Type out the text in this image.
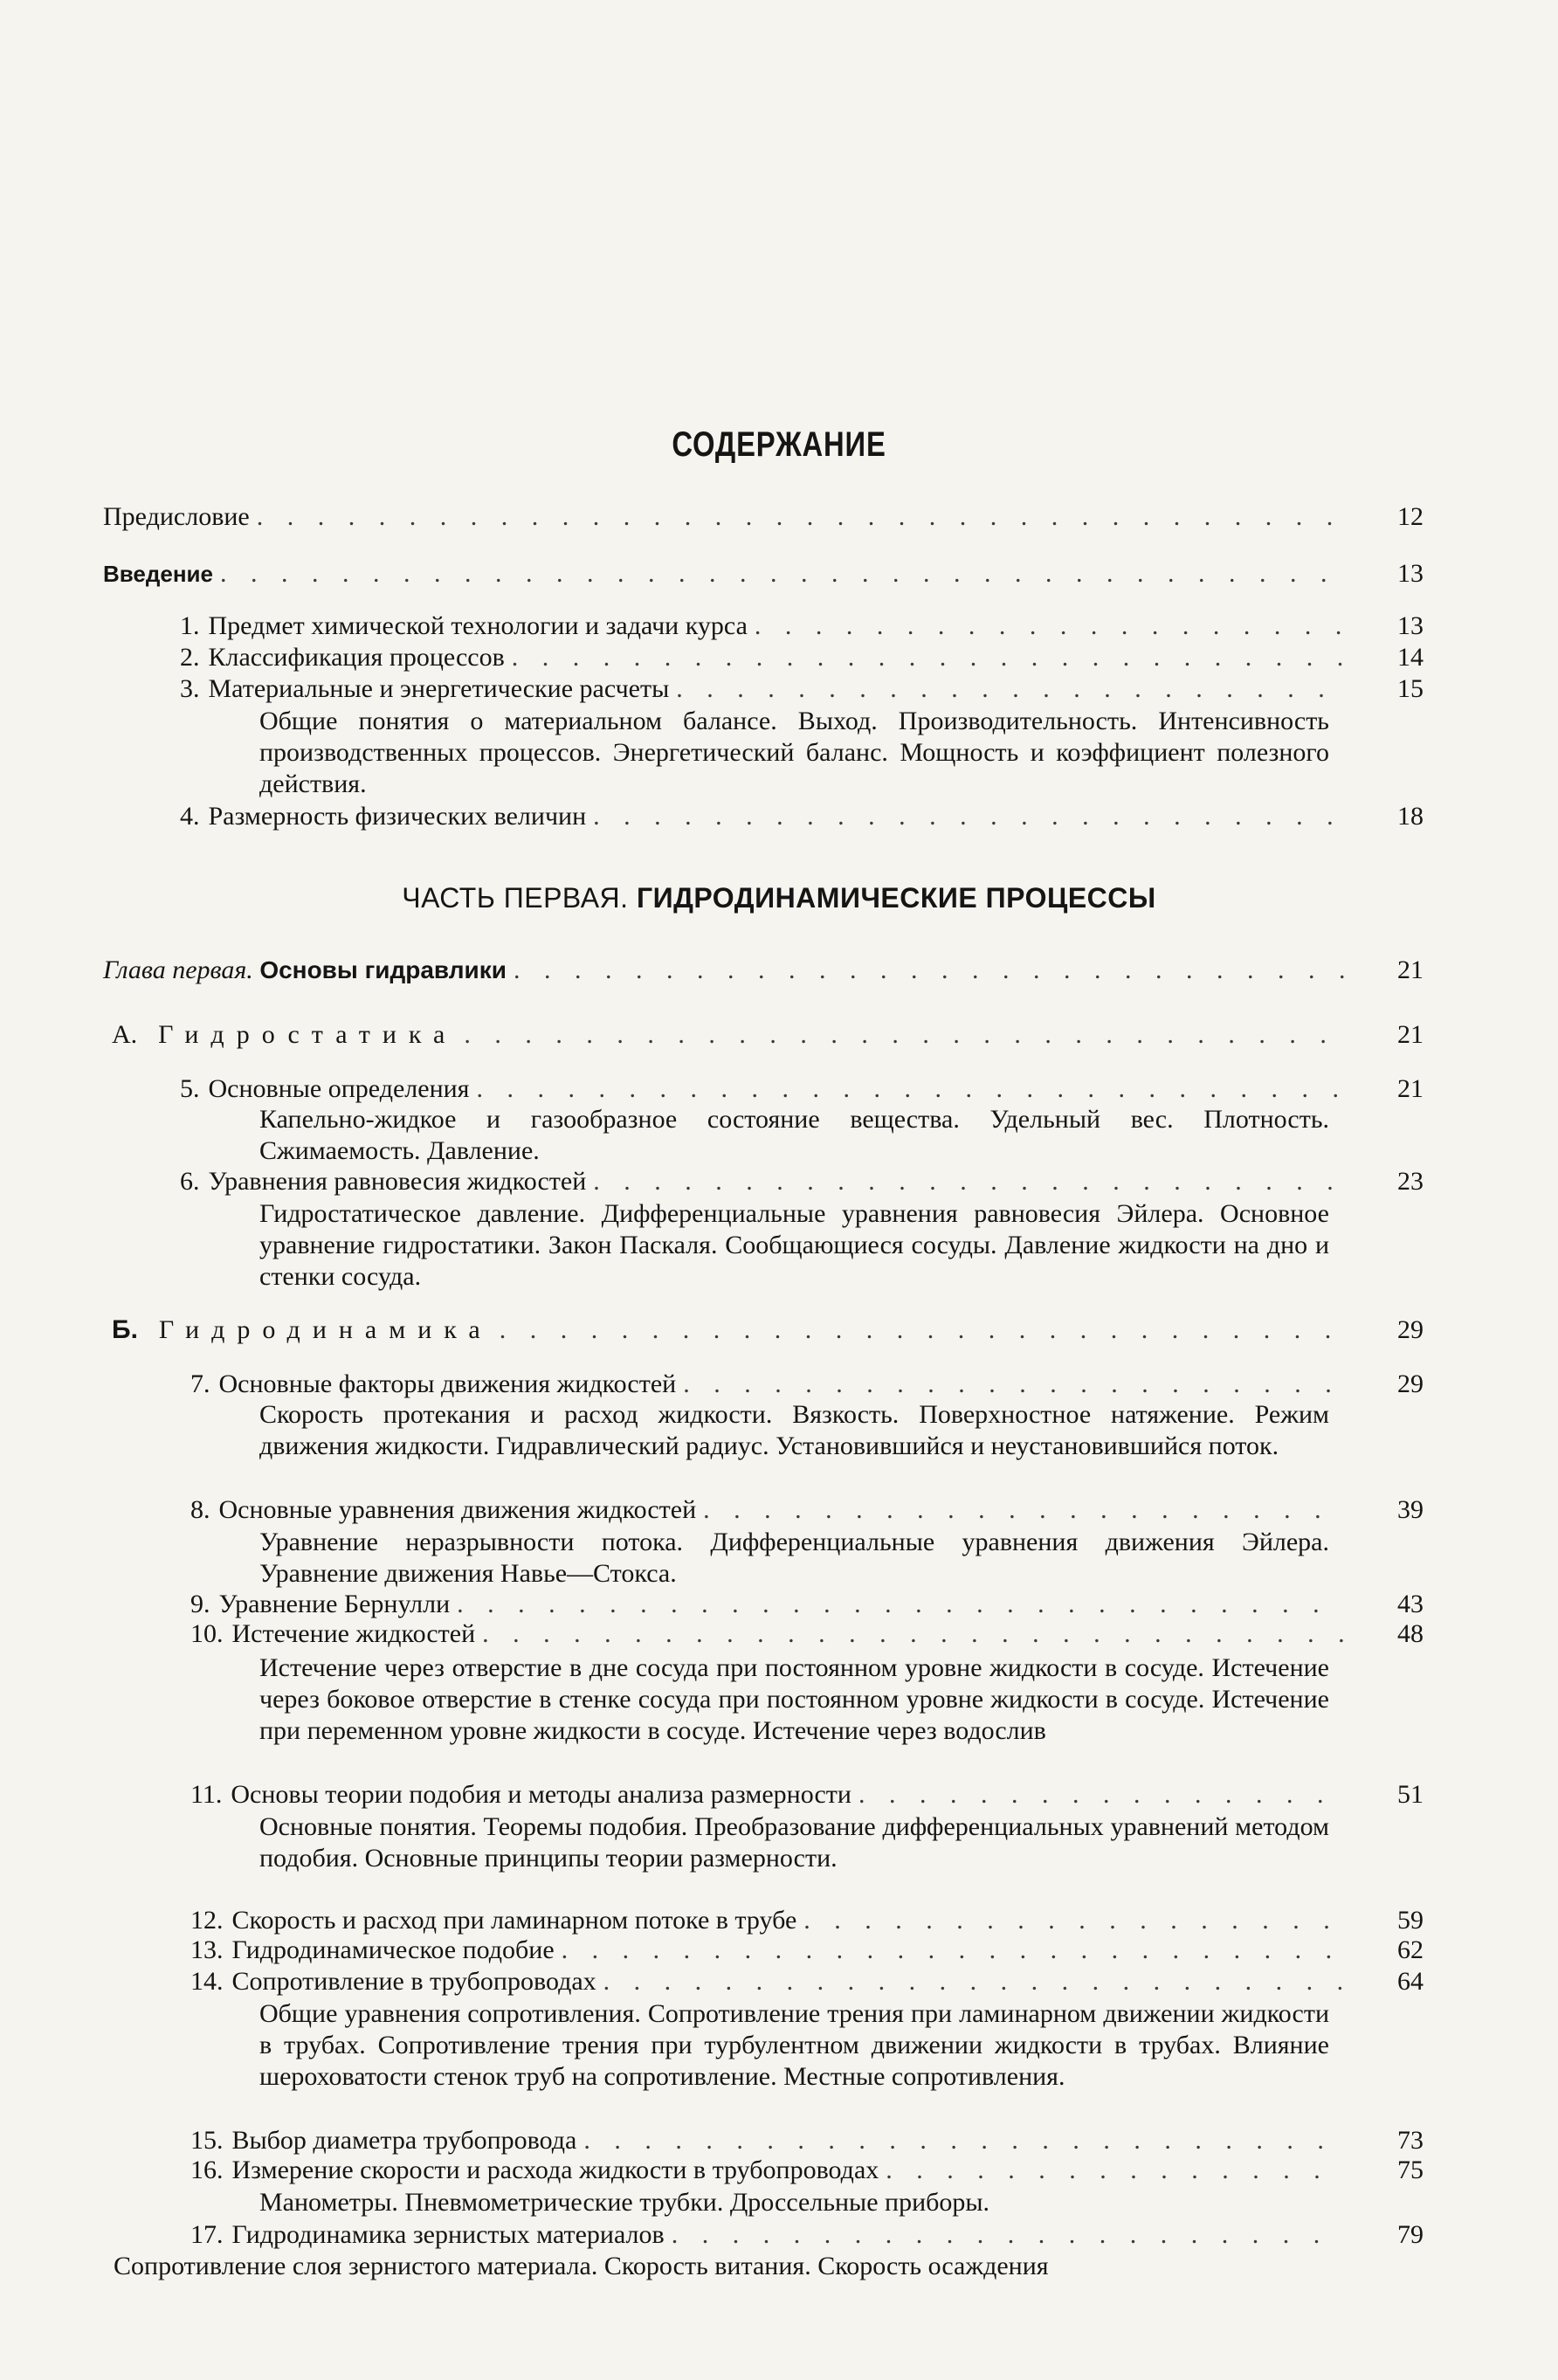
СОДЕРЖАНИЕ
Предисловие . . .	12
Введение . . .	13
1. Предмет химической технологии и задачи курса . . .	13
2. Классификация процессов . . .	14
3. Материальные и энергетические расчеты . . .	15
Общие понятия о материальном балансе. Выход. Производительность. Интенсивность производственных процессов. Энергетический баланс. Мощность и коэффициент полезного действия.
4. Размерность физических величин . . .	18
ЧАСТЬ ПЕРВАЯ. ГИДРОДИНАМИЧЕСКИЕ ПРОЦЕССЫ
Глава первая. Основы гидравлики . . .	21
А. Гидростатика . . .	21
5. Основные определения . . .	21
Капельно-жидкое и газообразное состояние вещества. Удельный вес. Плотность. Сжимаемость. Давление.
6. Уравнения равновесия жидкостей . . .	23
Гидростатическое давление. Дифференциальные уравнения равновесия Эйлера. Основное уравнение гидростатики. Закон Паскаля. Сообщающиеся сосуды. Давление жидкости на дно и стенки сосуда.
Б. Гидродинамика . . .	29
7. Основные факторы движения жидкостей . . .	29
Скорость протекания и расход жидкости. Вязкость. Поверхностное натяжение. Режим движения жидкости. Гидравлический радиус. Установившийся и неустановившийся поток.
8. Основные уравнения движения жидкостей . . .	39
Уравнение неразрывности потока. Дифференциальные уравнения движения Эйлера. Уравнение движения Навье—Стокса.
9. Уравнение Бернулли . . .	43
10. Истечение жидкостей . . .	48
Истечение через отверстие в дне сосуда при постоянном уровне жидкости в сосуде. Истечение через боковое отверстие в стенке сосуда при постоянном уровне жидкости в сосуде. Истечение при переменном уровне жидкости в сосуде. Истечение через водослив
11. Основы теории подобия и методы анализа размерности . . .	51
Основные понятия. Теоремы подобия. Преобразование дифференциальных уравнений методом подобия. Основные принципы теории размерности.
12. Скорость и расход при ламинарном потоке в трубе . . .	59
13. Гидродинамическое подобие . . .	62
14. Сопротивление в трубопроводах . . .	64
Общие уравнения сопротивления. Сопротивление трения при ламинарном движении жидкости в трубах. Сопротивление трения при турбулентном движении жидкости в трубах. Влияние шероховатости стенок труб на сопротивление. Местные сопротивления.
15. Выбор диаметра трубопровода . . .	73
16. Измерение скорости и расхода жидкости в трубопроводах . . .	75
Манометры. Пневмометрические трубки. Дроссельные приборы.
17. Гидродинамика зернистых материалов . . .	79
Сопротивление слоя зернистого материала. Скорость витания. Скорость осаждения
